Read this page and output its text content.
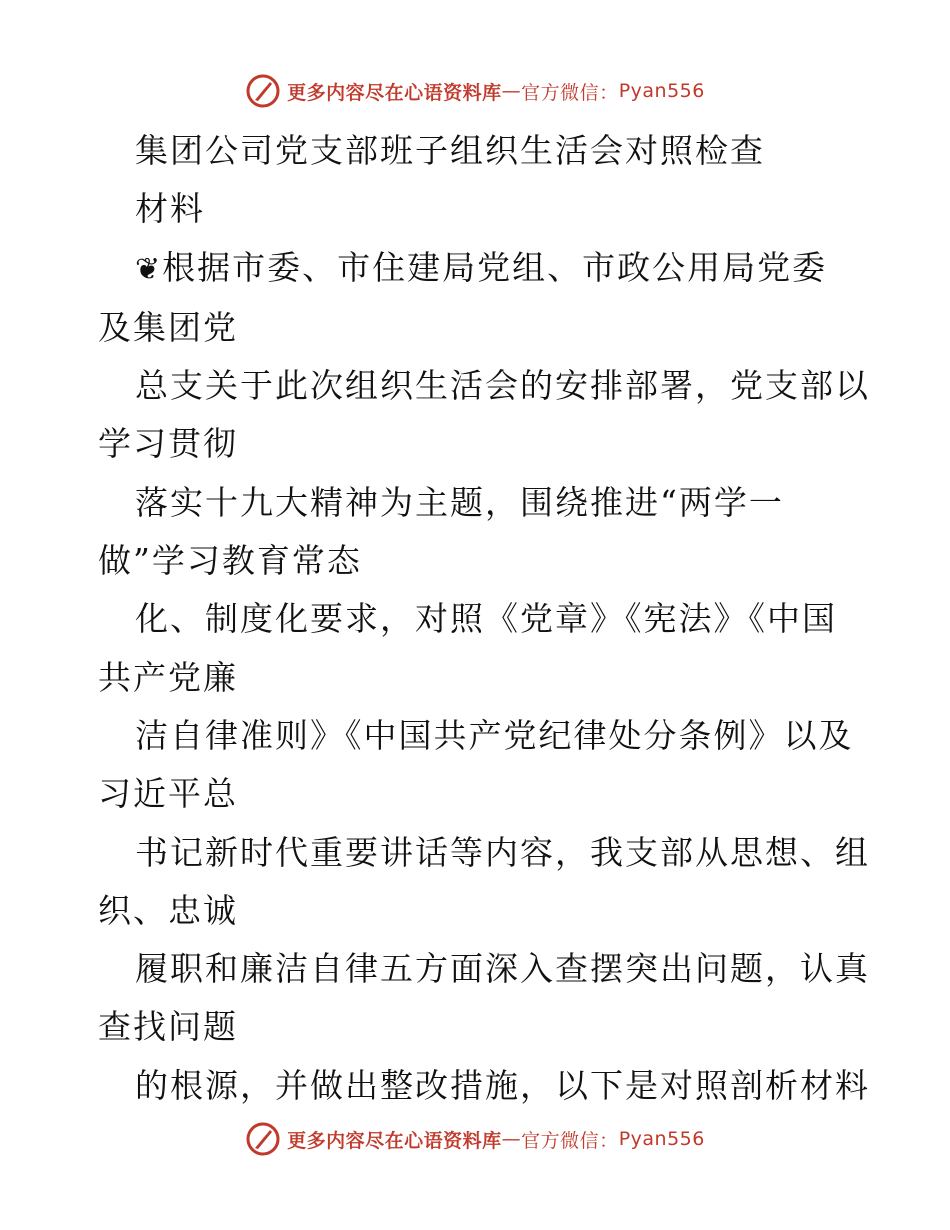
更多内容尽在心语资料库 — 官方微信： Pyan556

集团公司党支部班子组织生活会对照检查

材料

❦根据市委、市住建局党组、市政公用局党委

及集团党

总支关于此次组织生活会的安排部署，党支部以

学习贯彻

落实十九大精神为主题，围绕推进“两学一

做”学习教育常态

化、制度化要求，对照《党章》《宪法》《中国

共产党廉

洁自律准则》《中国共产党纪律处分条例》以及

习近平总

书记新时代重要讲话等内容，我支部从思想、组

织、忠诚

履职和廉洁自律五方面深入查摆突出问题，认真

查找问题

的根源，并做出整改措施，以下是对照剖析材料

更多内容尽在心语资料库 — 官方微信： Pyan556
